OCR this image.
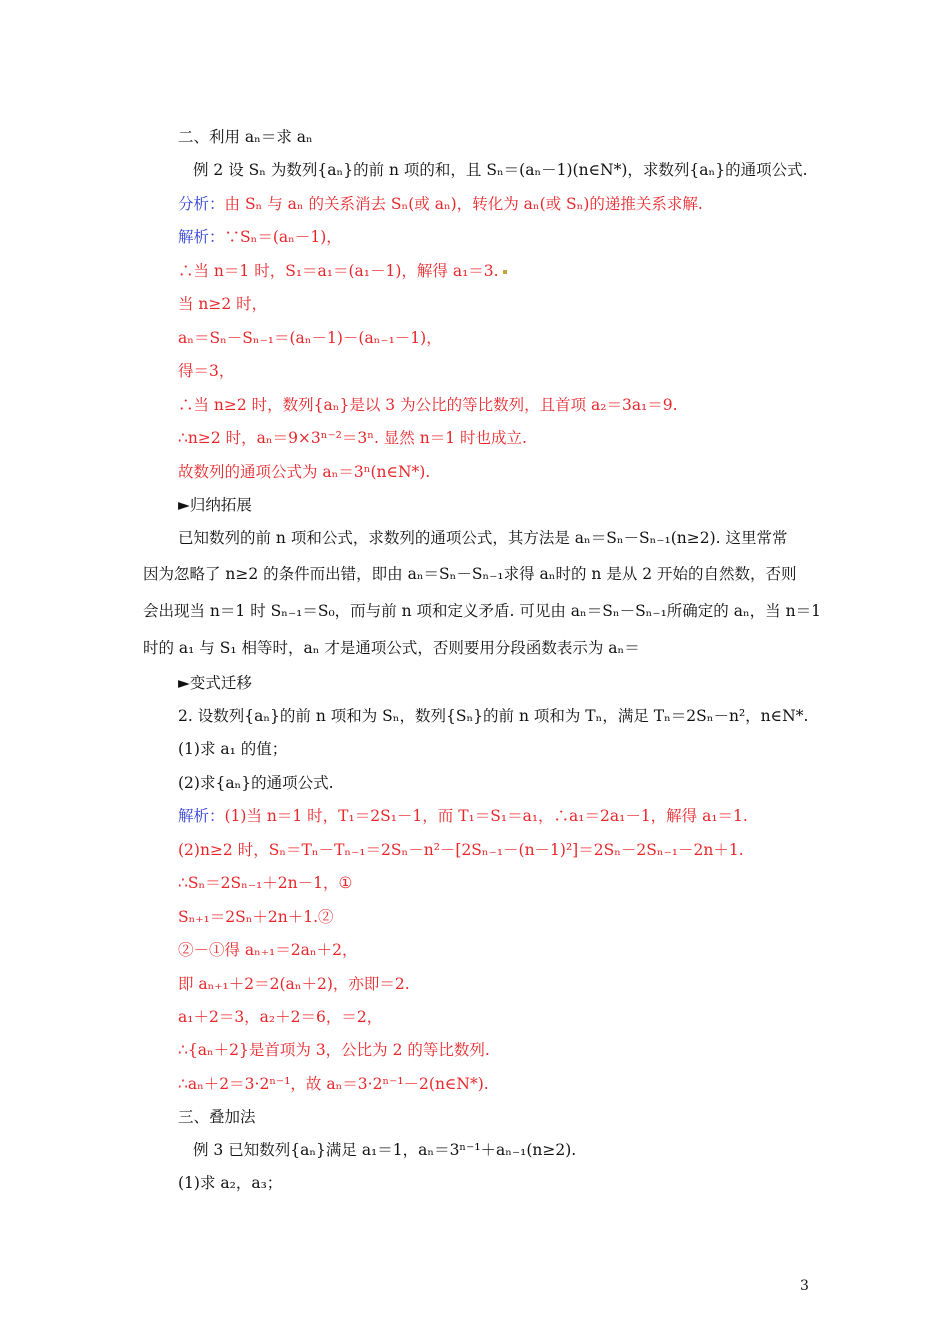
二、利用 aₙ＝求 aₙ
例 2 设 Sₙ 为数列{aₙ}的前 n 项的和，且 Sₙ＝(aₙ－1)(n∈N*)，求数列{aₙ}的通项公式.
分析：由 Sₙ 与 aₙ 的关系消去 Sₙ(或 aₙ)，转化为 aₙ(或 Sₙ)的递推关系求解.
解析：∵Sₙ＝(aₙ－1)，
∴当 n＝1 时，S₁＝a₁＝(a₁－1)，解得 a₁＝3.
当 n≥2 时，
aₙ＝Sₙ－Sₙ₋₁＝(aₙ－1)－(aₙ₋₁－1)，
得＝3，
∴当 n≥2 时，数列{aₙ}是以 3 为公比的等比数列，且首项 a₂＝3a₁＝9.
∴n≥2 时，aₙ＝9×3ⁿ⁻²＝3ⁿ. 显然 n＝1 时也成立.
故数列的通项公式为 aₙ＝3ⁿ(n∈N*).
►归纳拓展
已知数列的前 n 项和公式，求数列的通项公式，其方法是 aₙ＝Sₙ－Sₙ₋₁(n≥2). 这里常常
因为忽略了 n≥2 的条件而出错，即由 aₙ＝Sₙ－Sₙ₋₁求得 aₙ时的 n 是从 2 开始的自然数，否则
会出现当 n＝1 时 Sₙ₋₁＝S₀，而与前 n 项和定义矛盾. 可见由 aₙ＝Sₙ－Sₙ₋₁所确定的 aₙ，当 n＝1
时的 a₁ 与 S₁ 相等时，aₙ 才是通项公式，否则要用分段函数表示为 aₙ＝
►变式迁移
2. 设数列{aₙ}的前 n 项和为 Sₙ，数列{Sₙ}的前 n 项和为 Tₙ，满足 Tₙ＝2Sₙ－n²，n∈N*.
(1)求 a₁ 的值；
(2)求{aₙ}的通项公式.
解析：(1)当 n＝1 时，T₁＝2S₁－1，而 T₁＝S₁＝a₁，∴a₁＝2a₁－1，解得 a₁＝1.
(2)n≥2 时，Sₙ＝Tₙ－Tₙ₋₁＝2Sₙ－n²－[2Sₙ₋₁－(n－1)²]＝2Sₙ－2Sₙ₋₁－2n＋1.
∴Sₙ＝2Sₙ₋₁＋2n－1，①
Sₙ₊₁＝2Sₙ＋2n＋1.②
②－①得 aₙ₊₁＝2aₙ＋2，
即 aₙ₊₁＋2＝2(aₙ＋2)，亦即＝2.
a₁＋2＝3，a₂＋2＝6，＝2，
∴{aₙ＋2}是首项为 3，公比为 2 的等比数列.
∴aₙ＋2＝3·2ⁿ⁻¹，故 aₙ＝3·2ⁿ⁻¹－2(n∈N*).
三、叠加法
例 3 已知数列{aₙ}满足 a₁＝1，aₙ＝3ⁿ⁻¹＋aₙ₋₁(n≥2).
(1)求 a₂，a₃；
3
